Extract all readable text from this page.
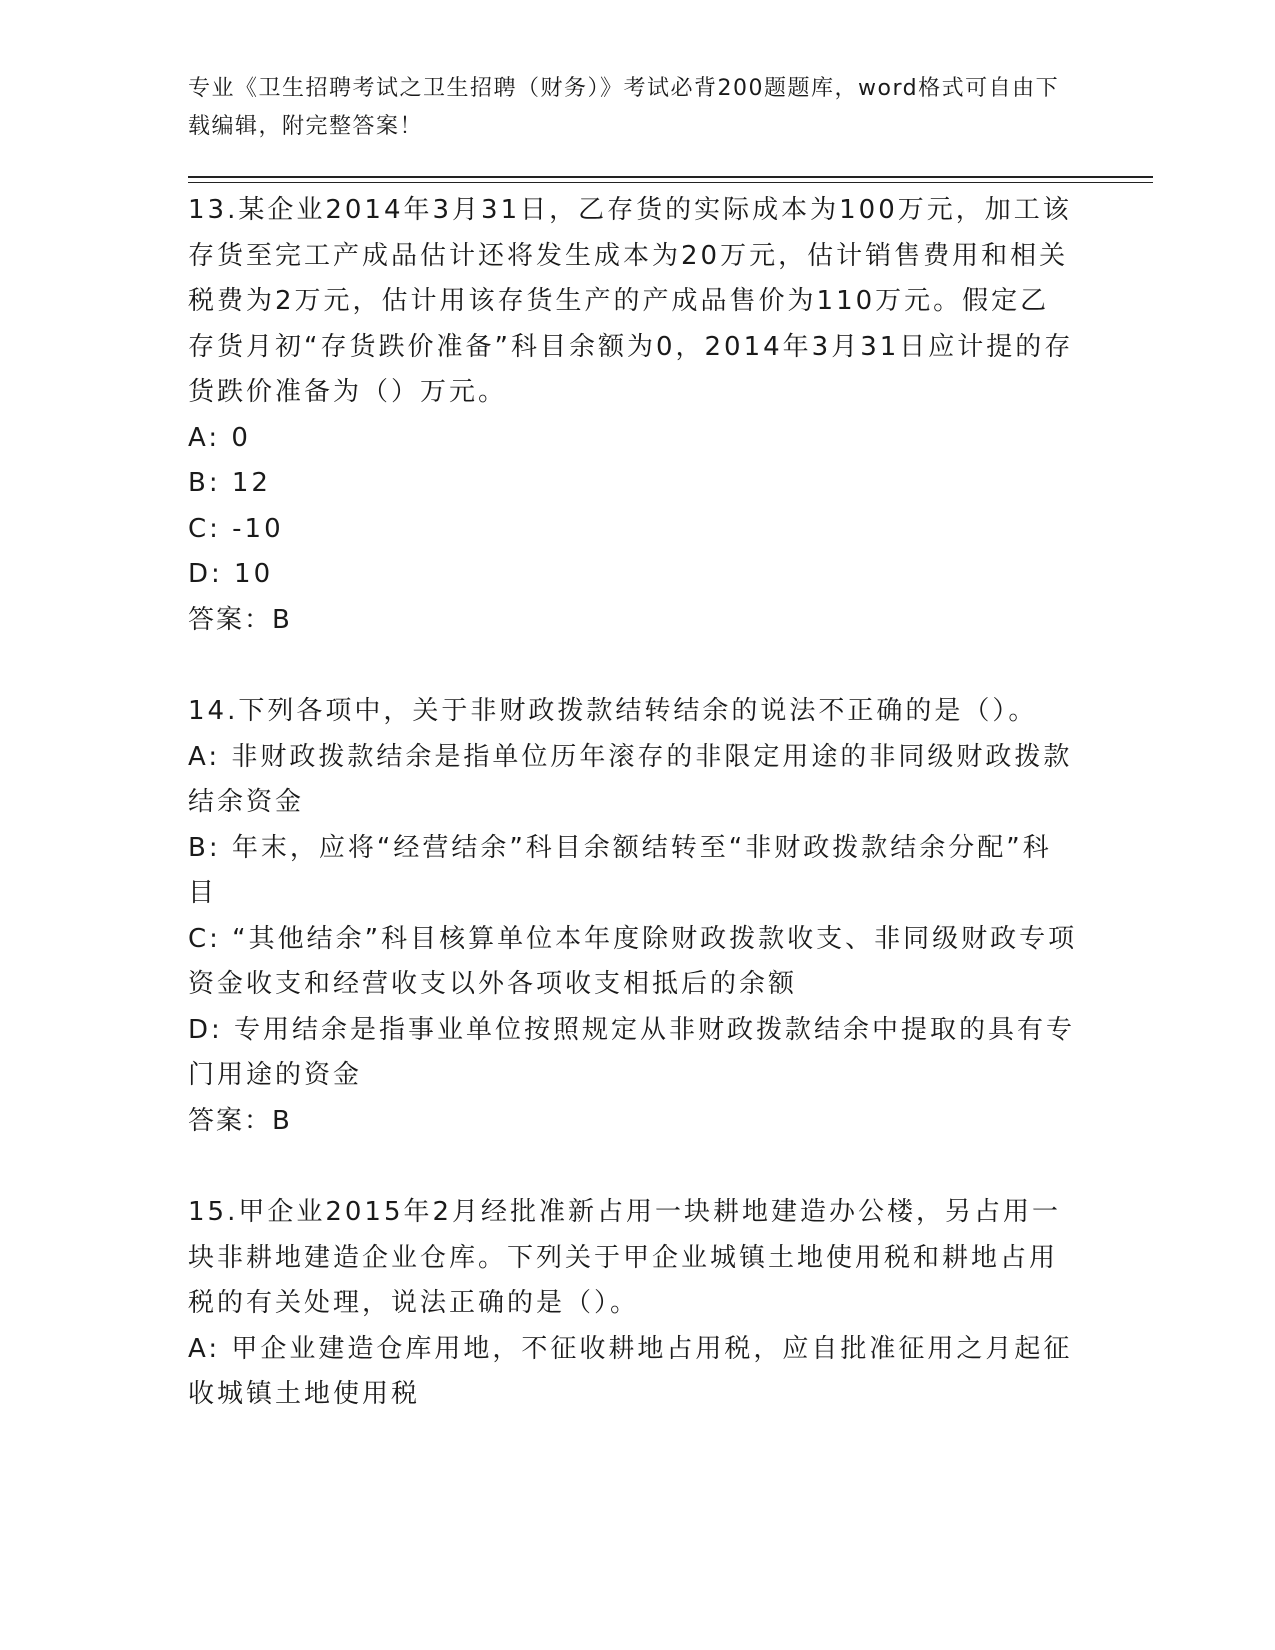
专业《卫生招聘考试之卫生招聘（财务）》考试必背200题题库，word格式可自由下载编辑，附完整答案！

13.某企业2014年3月31日，乙存货的实际成本为100万元，加工该存货至完工产成品估计还将发生成本为20万元，估计销售费用和相关税费为2万元，估计用该存货生产的产成品售价为110万元。假定乙存货月初“存货跌价准备”科目余额为0，2014年3月31日应计提的存货跌价准备为（）万元。

A: 0

B: 12

C: -10

D: 10

答案：B

14.下列各项中，关于非财政拨款结转结余的说法不正确的是（）。

A: 非财政拨款结余是指单位历年滚存的非限定用途的非同级财政拨款结余资金

B: 年末，应将“经营结余”科目余额结转至“非财政拨款结余分配”科目

C: “其他结余”科目核算单位本年度除财政拨款收支、非同级财政专项资金收支和经营收支以外各项收支相抵后的余额

D: 专用结余是指事业单位按照规定从非财政拨款结余中提取的具有专门用途的资金

答案：B

15.甲企业2015年2月经批准新占用一块耕地建造办公楼，另占用一块非耕地建造企业仓库。下列关于甲企业城镇土地使用税和耕地占用税的有关处理，说法正确的是（）。

A: 甲企业建造仓库用地，不征收耕地占用税，应自批准征用之月起征收城镇土地使用税
